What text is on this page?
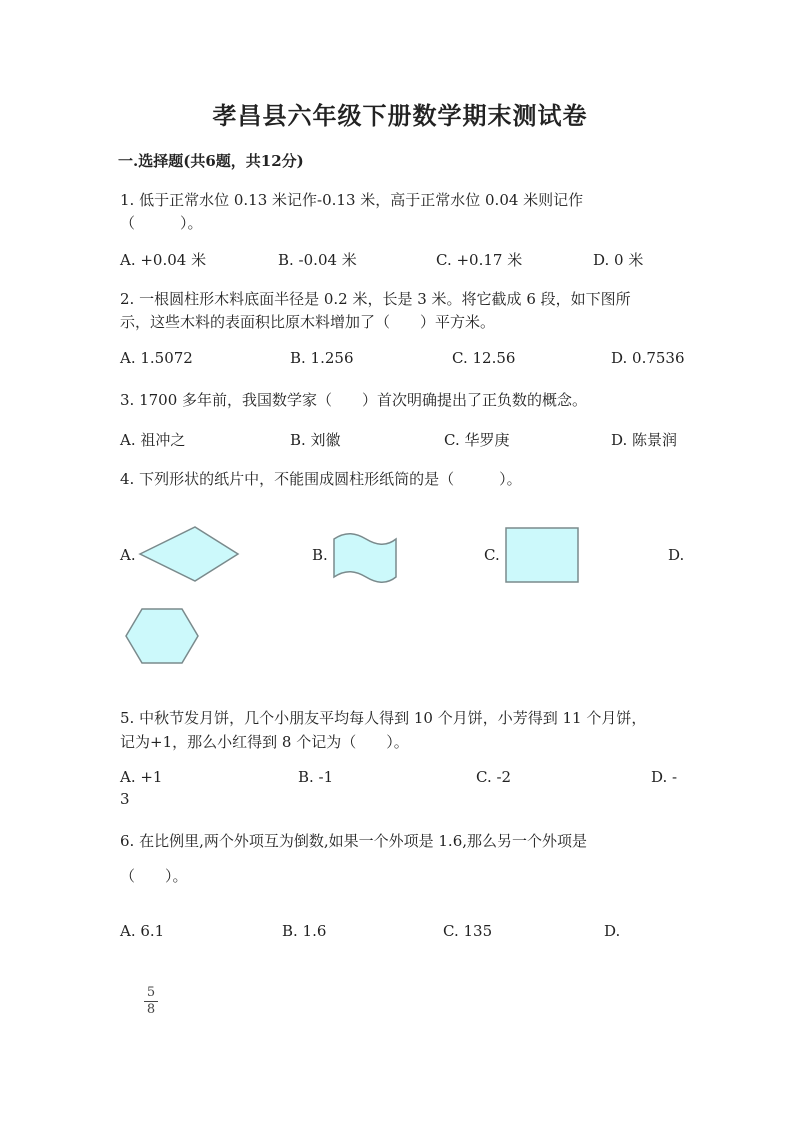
孝昌县六年级下册数学期末测试卷
一.选择题(共6题，共12分)
1. 低于正常水位 0.13 米记作-0.13 米，高于正常水位 0.04 米则记作
（　　　）。
A. +0.04 米	B. -0.04 米	C. +0.17 米	D. 0 米
2. 一根圆柱形木料底面半径是 0.2 米，长是 3 米。将它截成 6 段，如下图所
示，这些木料的表面积比原木料增加了（　　）平方米。
A. 1.5072	B. 1.256	C. 12.56	D. 0.7536
3. 1700 多年前，我国数学家（　　）首次明确提出了正负数的概念。
A. 祖冲之	B. 刘徽	C. 华罗庚	D. 陈景润
4. 下列形状的纸片中，不能围成圆柱形纸筒的是（　　　）。
A.	B.	C.	D.
5. 中秋节发月饼，几个小朋友平均每人得到 10 个月饼，小芳得到 11 个月饼，
记为+1，那么小红得到 8 个记为（　　）。
A. +1	B. -1	C. -2	D. -
3
6. 在比例里,两个外项互为倒数,如果一个外项是 1.6,那么另一个外项是
（　　）。
A. 6.1	B. 1.6	C. 135	D.
5
8
